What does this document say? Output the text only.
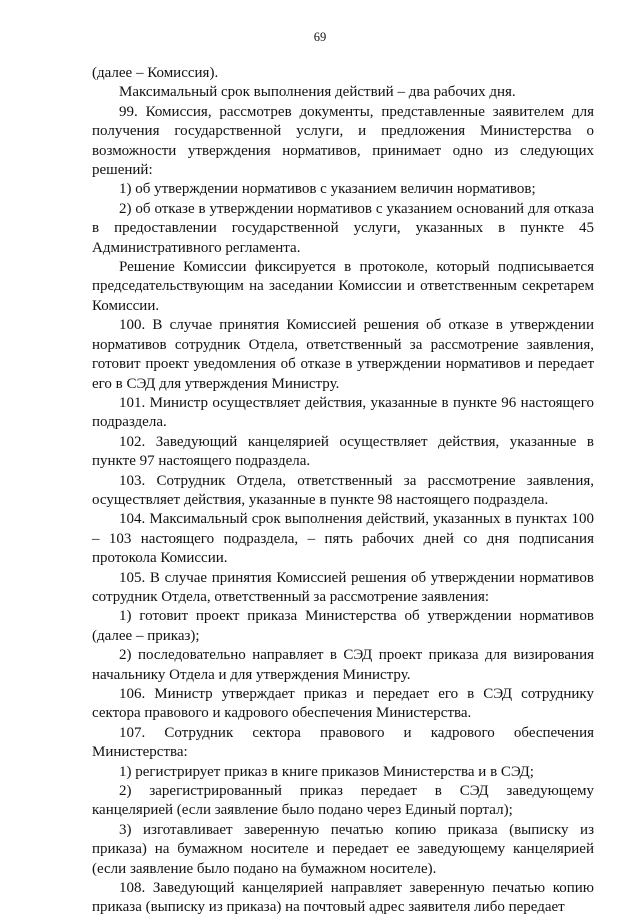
69

(далее – Комиссия).

Максимальный срок выполнения действий – два рабочих дня.

99. Комиссия, рассмотрев документы, представленные заявителем для получения государственной услуги, и предложения Министерства о возможности утверждения нормативов, принимает одно из следующих решений:

1) об утверждении нормативов с указанием величин нормативов;

2) об отказе в утверждении нормативов с указанием оснований для отказа в предоставлении государственной услуги, указанных в пункте 45 Административного регламента.

Решение Комиссии фиксируется в протоколе, который подписывается председательствующим на заседании Комиссии и ответственным секретарем Комиссии.

100. В случае принятия Комиссией решения об отказе в утверждении нормативов сотрудник Отдела, ответственный за рассмотрение заявления, готовит проект уведомления об отказе в утверждении нормативов и передает его в СЭД для утверждения Министру.

101. Министр осуществляет действия, указанные в пункте 96 настоящего подраздела.

102. Заведующий канцелярией осуществляет действия, указанные в пункте 97 настоящего подраздела.

103. Сотрудник Отдела, ответственный за рассмотрение заявления, осуществляет действия, указанные в пункте 98 настоящего подраздела.

104. Максимальный срок выполнения действий, указанных в пунктах 100 – 103 настоящего подраздела, – пять рабочих дней со дня подписания протокола Комиссии.

105. В случае принятия Комиссией решения об утверждении нормативов сотрудник Отдела, ответственный за рассмотрение заявления:

1) готовит проект приказа Министерства об утверждении нормативов (далее – приказ);

2) последовательно направляет в СЭД проект приказа для визирования начальнику Отдела и для утверждения Министру.

106. Министр утверждает приказ и передает его в СЭД сотруднику сектора правового и кадрового обеспечения Министерства.

107. Сотрудник сектора правового и кадрового обеспечения Министерства:

1) регистрирует приказ в книге приказов Министерства и в СЭД;

2) зарегистрированный приказ передает в СЭД заведующему канцелярией (если заявление было подано через Единый портал);

3) изготавливает заверенную печатью копию приказа (выписку из приказа) на бумажном носителе и передает ее заведующему канцелярией (если заявление было подано на бумажном носителе).

108. Заведующий канцелярией направляет заверенную печатью копию приказа (выписку из приказа) на почтовый адрес заявителя либо передает
